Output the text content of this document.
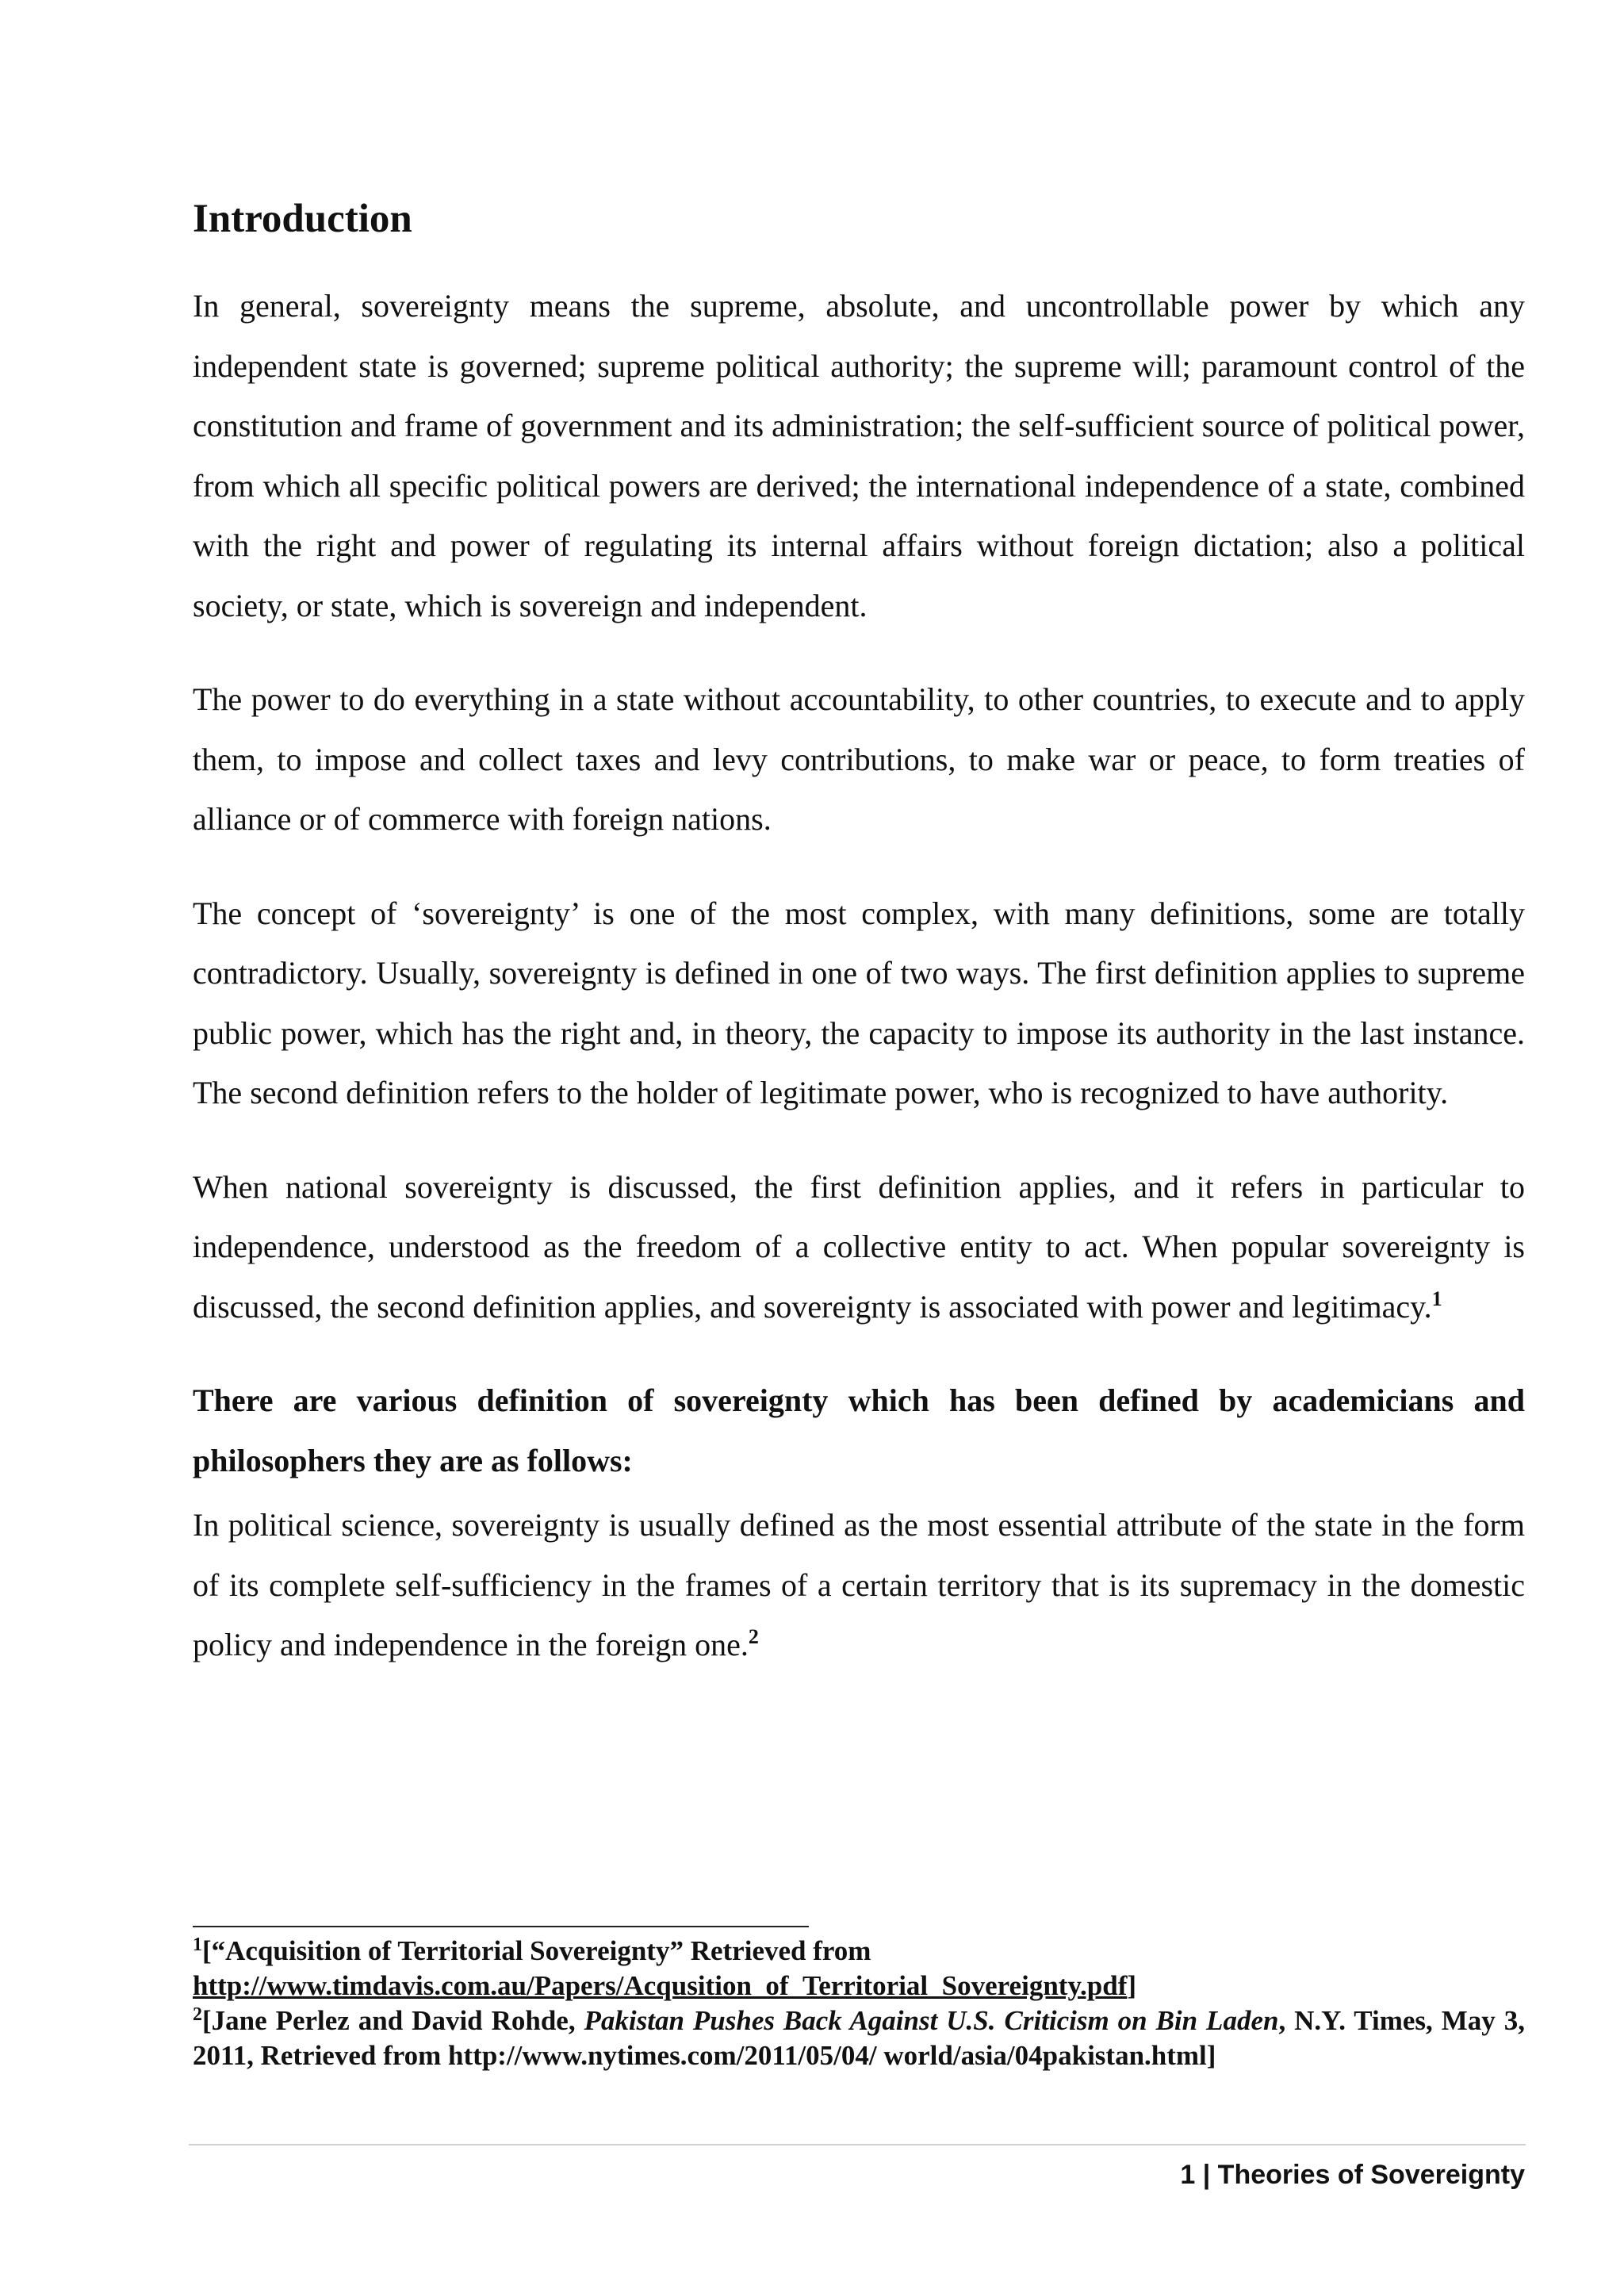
Introduction

In general, sovereignty means the supreme, absolute, and uncontrollable power by which any independent state is governed; supreme political authority; the supreme will; paramount control of the constitution and frame of government and its administration; the self-sufficient source of political power, from which all specific political powers are derived; the international independence of a state, combined with the right and power of regulating its internal affairs without foreign dictation; also a political society, or state, which is sovereign and independent.

The power to do everything in a state without accountability, to other countries, to execute and to apply them, to impose and collect taxes and levy contributions, to make war or peace, to form treaties of alliance or of commerce with foreign nations.

The concept of ‘sovereignty’ is one of the most complex, with many definitions, some are totally contradictory. Usually, sovereignty is defined in one of two ways. The first definition applies to supreme public power, which has the right and, in theory, the capacity to impose its authority in the last instance. The second definition refers to the holder of legitimate power, who is recognized to have authority.

When national sovereignty is discussed, the first definition applies, and it refers in particular to independence, understood as the freedom of a collective entity to act. When popular sovereignty is discussed, the second definition applies, and sovereignty is associated with power and legitimacy.$^1$

There are various definition of sovereignty which has been defined by academicians and philosophers they are as follows:

In political science, sovereignty is usually defined as the most essential attribute of the state in the form of its complete self-sufficiency in the frames of a certain territory that is its supremacy in the domestic policy and independence in the foreign one.$^2$

$^1$[“Acquisition of Territorial Sovereignty” Retrieved from
http://www.timdavis.com.au/Papers/Acqusition_of_Territorial_Sovereignty.pdf]

$^2$[Jane Perlez and David Rohde, Pakistan Pushes Back Against U.S. Criticism on Bin Laden, N.Y. Times, May 3, 2011, Retrieved from http://www.nytimes.com/2011/05/04/ world/asia/04pakistan.html]

1 | Theories of Sovereignty
